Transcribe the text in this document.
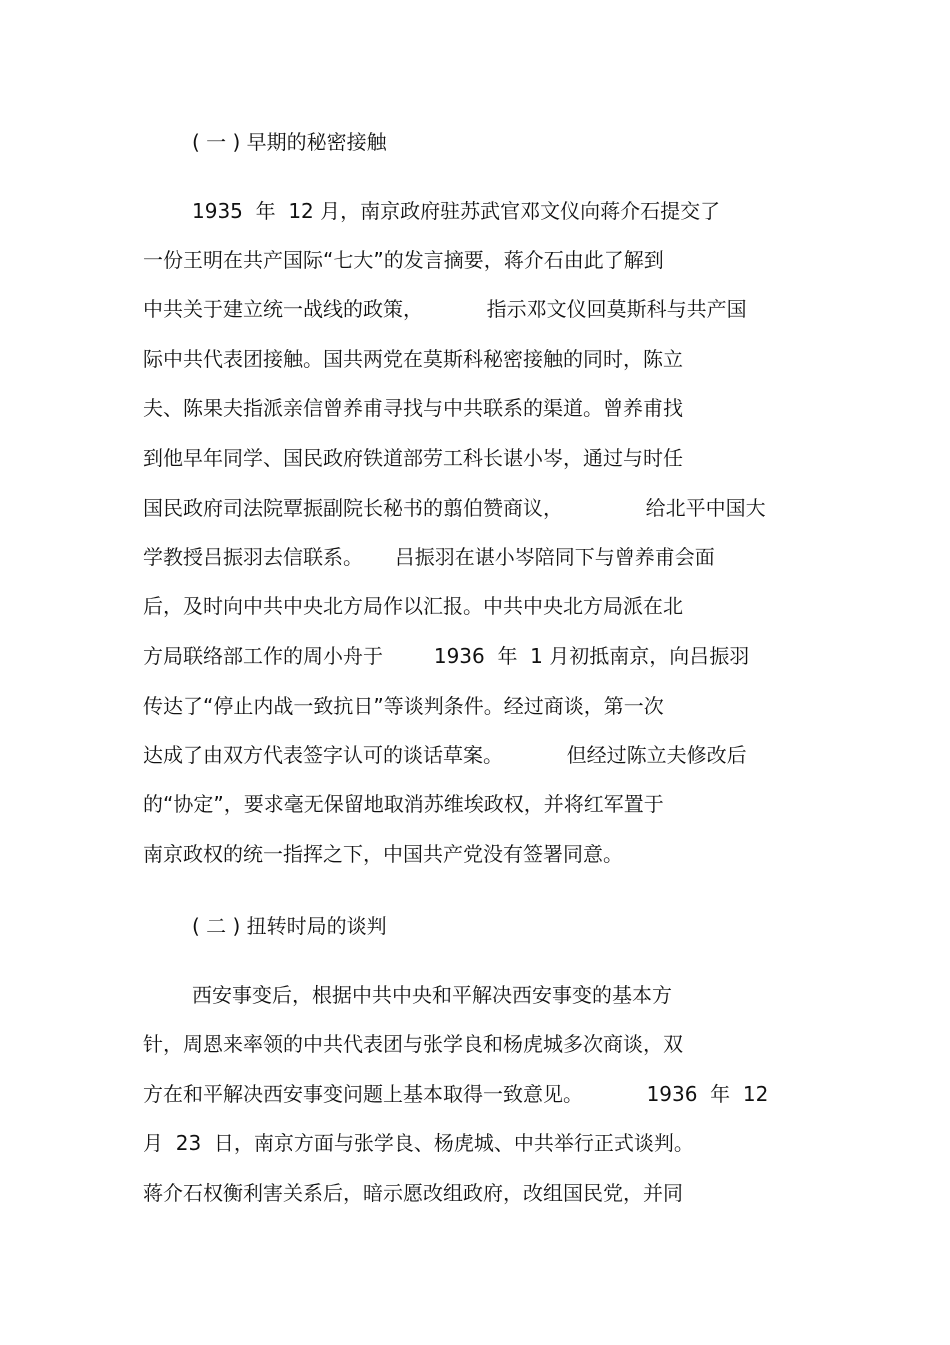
( 一 ) 早期的秘密接触
1935  年  12 月，南京政府驻苏武官邓文仪向蒋介石提交了
一份王明在共产国际“七大”的发言摘要，蒋介石由此了解到
中共关于建立统一战线的政策，          指示邓文仪回莫斯科与共产国
际中共代表团接触。国共两党在莫斯科秘密接触的同时，陈立
夫、陈果夫指派亲信曾养甫寻找与中共联系的渠道。曾养甫找
到他早年同学、国民政府铁道部劳工科长谌小岑，通过与时任
国民政府司法院覃振副院长秘书的翦伯赞商议，             给北平中国大
学教授吕振羽去信联系。     吕振羽在谌小岑陪同下与曾养甫会面
后，及时向中共中央北方局作以汇报。中共中央北方局派在北
方局联络部工作的周小舟于        1936  年  1 月初抵南京，向吕振羽
传达了“停止内战一致抗日”等谈判条件。经过商谈，第一次
达成了由双方代表签字认可的谈话草案。          但经过陈立夫修改后
的“协定”，要求毫无保留地取消苏维埃政权，并将红军置于
南京政权的统一指挥之下，中国共产党没有签署同意。
( 二 ) 扭转时局的谈判
西安事变后，根据中共中央和平解决西安事变的基本方
针，周恩来率领的中共代表团与张学良和杨虎城多次商谈，双
方在和平解决西安事变问题上基本取得一致意见。          1936  年  12
月  23  日，南京方面与张学良、杨虎城、中共举行正式谈判。
蒋介石权衡利害关系后，暗示愿改组政府，改组国民党，并同
